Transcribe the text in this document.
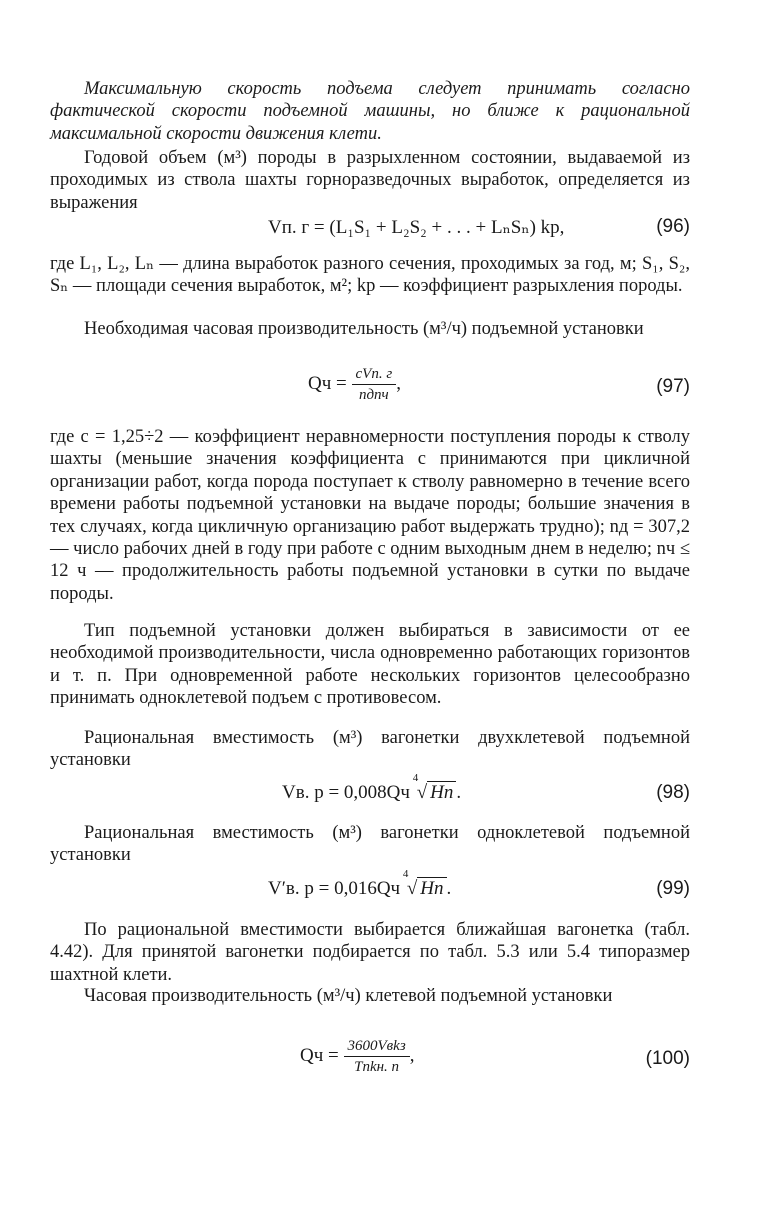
Максимальную скорость подъема следует принимать согласно фактической скорости подъемной машины, но ближе к рациональной максимальной скорости движения клети.

Годовой объем (м³) породы в разрыхленном состоянии, выдаваемой из проходимых из ствола шахты горноразведочных выработок, определяется из выражения

Vп. г = (L₁S₁ + L₂S₂ + . . . + LₙSₙ) kр,	(96)

где L₁, L₂, Lₙ — длина выработок разного сечения, проходимых за год, м; S₁, S₂, Sₙ — площади сечения выработок, м²; kр — коэффициент разрыхления породы.

Необходимая часовая производительность (м³/ч) подъемной установки

Qч = $\frac{\text{cVп. г}}{\text{nдnч}}$ ,	(97)

где с = 1,25÷2 — коэффициент неравномерности поступления породы к стволу шахты (меньшие значения коэффициента с принимаются при цикличной организации работ, когда порода поступает к стволу равномерно в течение всего времени работы подъемной установки на выдаче породы; большие значения в тех случаях, когда цикличную организацию работ выдержать трудно); nд = 307,2 — число рабочих дней в году при работе с одним выходным днем в неделю; nч ≤ 12 ч — продолжительность работы подъемной установки в сутки по выдаче породы.

Тип подъемной установки должен выбираться в зависимости от ее необходимой производительности, числа одновременно работающих горизонтов и т. п. При одновременной работе нескольких горизонтов целесообразно принимать одноклетевой подъем с противовесом.

Рациональная вместимость (м³) вагонетки двухклетевой подъемной установки

Vв. р = 0,008Qч
4
√ Hп .	(98)

Рациональная вместимость (м³) вагонетки одноклетевой подъемной установки

V′в. р = 0,016Qч
4
√ Hп .	(99)

По рациональной вместимости выбирается ближайшая вагонетка (табл. 4.42). Для принятой вагонетки подбирается по табл. 5.3 или 5.4 типоразмер шахтной клети.

Часовая производительность (м³/ч) клетевой подъемной установки

Qч = $\frac{\text{3600Vвkз}}{\text{Tпkн. п}}$ ,	(100)
